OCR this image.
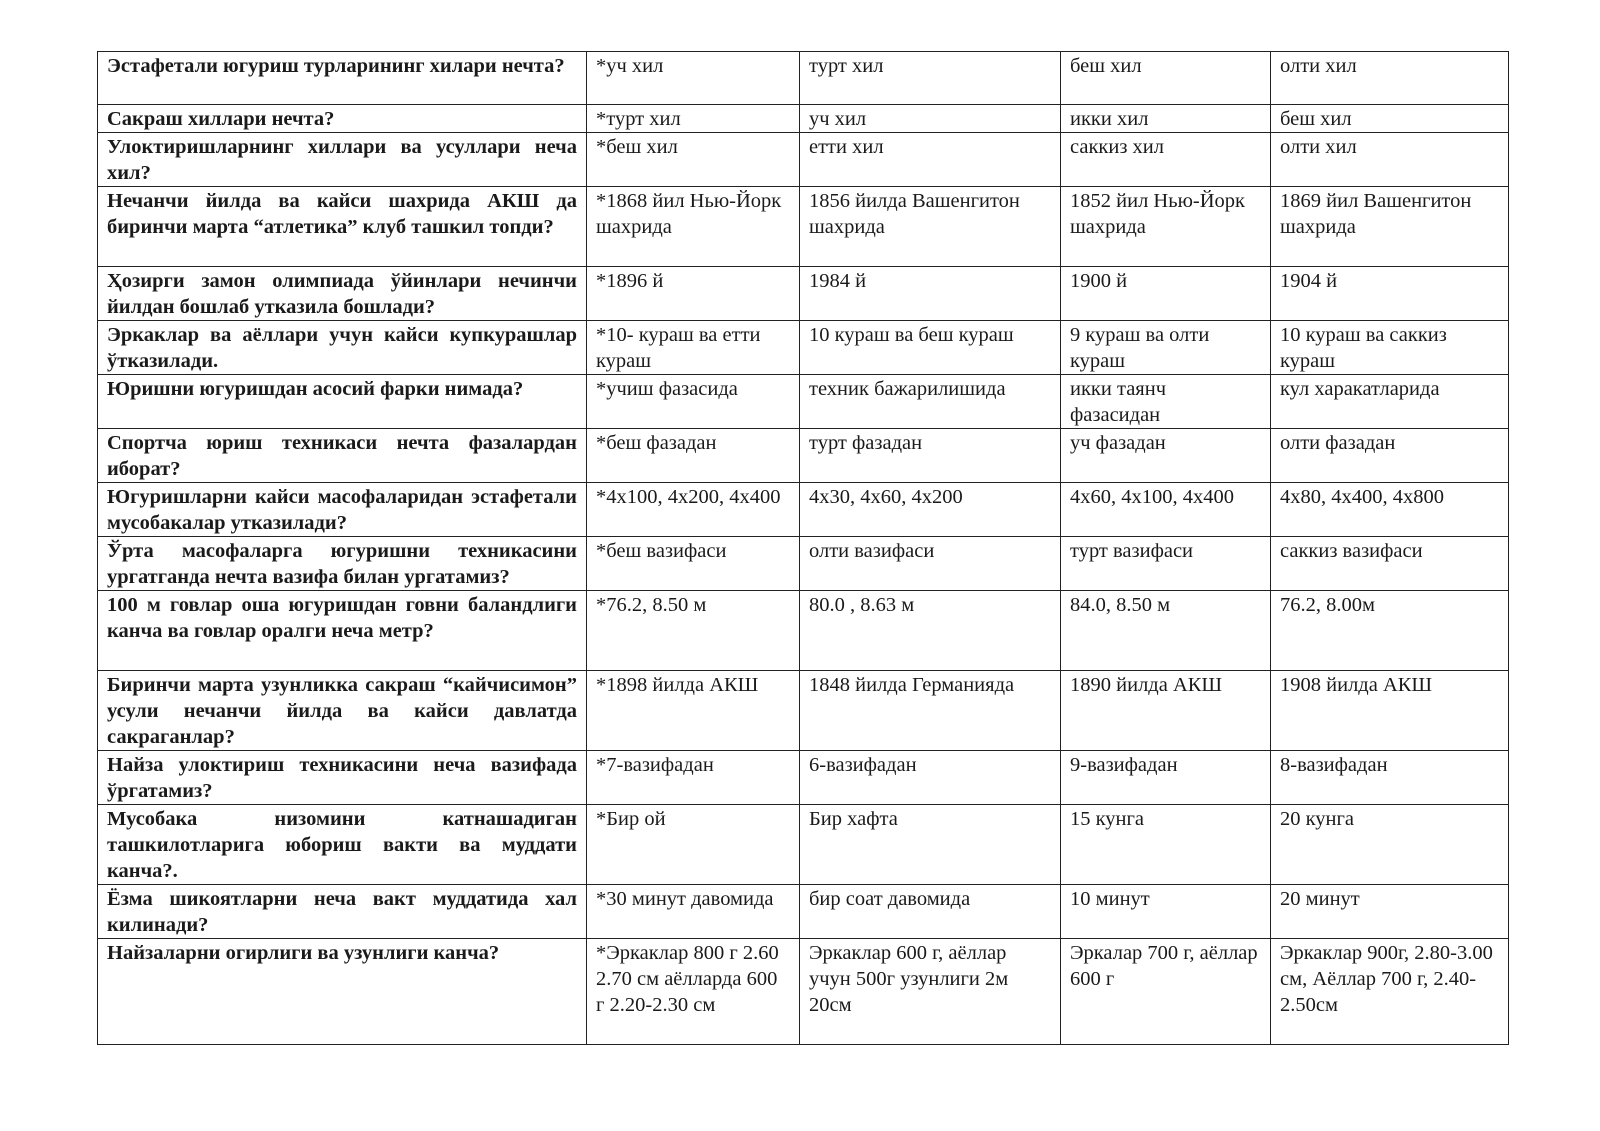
Эстафетали югуриш турларининг хилари нечта?	*уч хил	турт хил	беш хил	олти хил
Сакраш хиллари нечта?	*турт хил	уч хил	икки хил	беш хил
Улоктиришларнинг хиллари ва усуллари неча хил?	*беш хил	етти хил	саккиз хил	олти хил
Нечанчи йилда ва кайси шахрида АКШ да биринчи марта “атлетика” клуб ташкил топди?	*1868 йил Нью-Йорк шахрида	1856 йилда Вашенгитон шахрида	1852 йил Нью-Йорк шахрида	1869 йил Вашенгитон шахрида
Ҳозирги замон олимпиада ўйинлари нечинчи йилдан бошлаб утказила бошлади?	*1896 й	1984 й	1900 й	1904 й
Эркаклар ва аёллари учун кайси купкурашлар ўтказилади.	*10- кураш ва етти кураш	10 кураш ва беш кураш	9 кураш ва олти кураш	10 кураш ва саккиз кураш
Юришни югуришдан асосий фарки нимада?	*учиш фазасида	техник бажарилишида	икки таянч фазасидан	кул харакатларида
Спортча юриш техникаси нечта фазалардан иборат?	*беш фазадан	турт фазадан	уч фазадан	олти фазадан
Югуришларни кайси масофаларидан эстафетали мусобакалар утказилади?	*4х100, 4х200, 4х400	4х30, 4х60, 4х200	4х60, 4х100, 4х400	4х80, 4х400, 4х800
Ўрта масофаларга югуришни техникасини ургатганда нечта вазифа билан ургатамиз?	*беш вазифаси	олти вазифаси	турт вазифаси	саккиз вазифаси
100 м говлар оша югуришдан говни баландлиги канча ва говлар оралги неча метр?	*76.2, 8.50 м	80.0 , 8.63 м	84.0, 8.50 м	76.2, 8.00м
Биринчи марта узунликка сакраш “кайчисимон” усули нечанчи йилда ва кайси давлатда сакраганлар?	*1898 йилда АКШ	1848 йилда Германияда	1890 йилда АКШ	1908 йилда АКШ
Найза улоктириш техникасини неча вазифада ўргатамиз?	*7-вазифадан	6-вазифадан	9-вазифадан	8-вазифадан
Мусобака низомини катнашадиган ташкилотларига юбориш вакти ва муддати канча?.	*Бир ой	Бир хафта	15 кунга	20 кунга
Ёзма шикоятларни неча вакт муддатида хал килинади?	*30 минут давомида	бир соат давомида	10 минут	20 минут
Найзаларни огирлиги ва узунлиги канча?	*Эркаклар 800 г 2.60 2.70 см аёлларда 600 г 2.20-2.30 см	Эркаклар 600 г, аёллар учун 500г узунлиги 2м 20см	Эркалар 700 г, аёллар 600 г	Эркаклар 900г, 2.80-3.00 см, Аёллар 700 г, 2.40-2.50см
